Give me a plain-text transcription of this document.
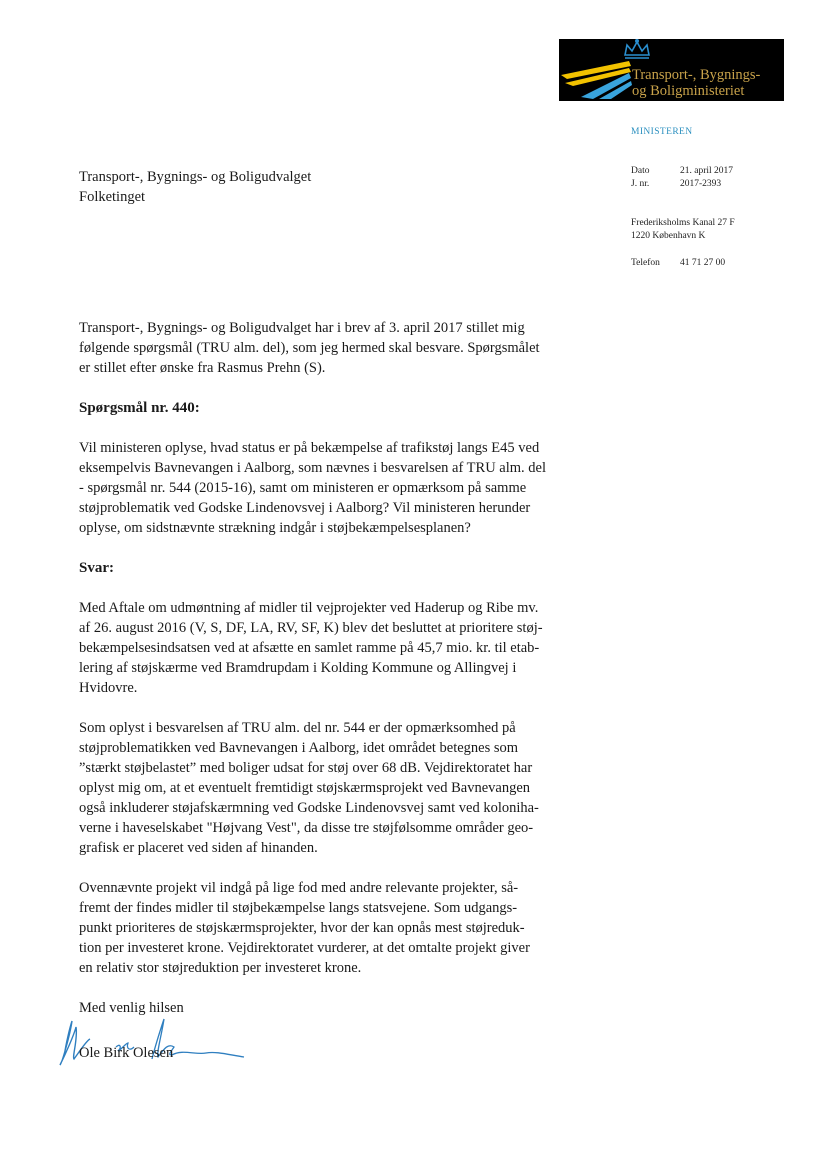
Transport-, Bygnings-
og Boligministeriet
MINISTEREN
Dato	21. april 2017
J. nr.	2017-2393
Frederiksholms Kanal 27 F
1220 København K
Telefon 41 71 27 00
Transport-, Bygnings- og Boligudvalget
Folketinget

Transport-, Bygnings- og Boligudvalget har i brev af 3. april 2017 stillet mig
følgende spørgsmål (TRU alm. del), som jeg hermed skal besvare. Spørgsmålet
er stillet efter ønske fra Rasmus Prehn (S).

Spørgsmål nr. 440:

Vil ministeren oplyse, hvad status er på bekæmpelse af trafikstøj langs E45 ved
eksempelvis Bavnevangen i Aalborg, som nævnes i besvarelsen af TRU alm. del
- spørgsmål nr. 544 (2015-16), samt om ministeren er opmærksom på samme
støjproblematik ved Godske Lindenovsvej i Aalborg? Vil ministeren herunder
oplyse, om sidstnævnte strækning indgår i støjbekæmpelsesplanen?

Svar:

Med Aftale om udmøntning af midler til vejprojekter ved Haderup og Ribe mv.
af 26. august 2016 (V, S, DF, LA, RV, SF, K) blev det besluttet at prioritere støj-
bekæmpelsesindsatsen ved at afsætte en samlet ramme på 45,7 mio. kr. til etab-
lering af støjskærme ved Bramdrupdam i Kolding Kommune og Allingvej i
Hvidovre.

Som oplyst i besvarelsen af TRU alm. del nr. 544 er der opmærksomhed på
støjproblematikken ved Bavnevangen i Aalborg, idet området betegnes som
”stærkt støjbelastet” med boliger udsat for støj over 68 dB. Vejdirektoratet har
oplyst mig om, at et eventuelt fremtidigt støjskærmsprojekt ved Bavnevangen
også inkluderer støjafskærmning ved Godske Lindenovsvej samt ved koloniha-
verne i haveselskabet "Højvang Vest", da disse tre støjfølsomme områder geo-
grafisk er placeret ved siden af hinanden.

Ovennævnte projekt vil indgå på lige fod med andre relevante projekter, så-
fremt der findes midler til støjbekæmpelse langs statsvejene. Som udgangs-
punkt prioriteres de støjskærmsprojekter, hvor der kan opnås mest støjreduk-
tion per investeret krone. Vejdirektoratet vurderer, at det omtalte projekt giver
en relativ stor støjreduktion per investeret krone.

Med venlig hilsen

Ole Birk Olesen
